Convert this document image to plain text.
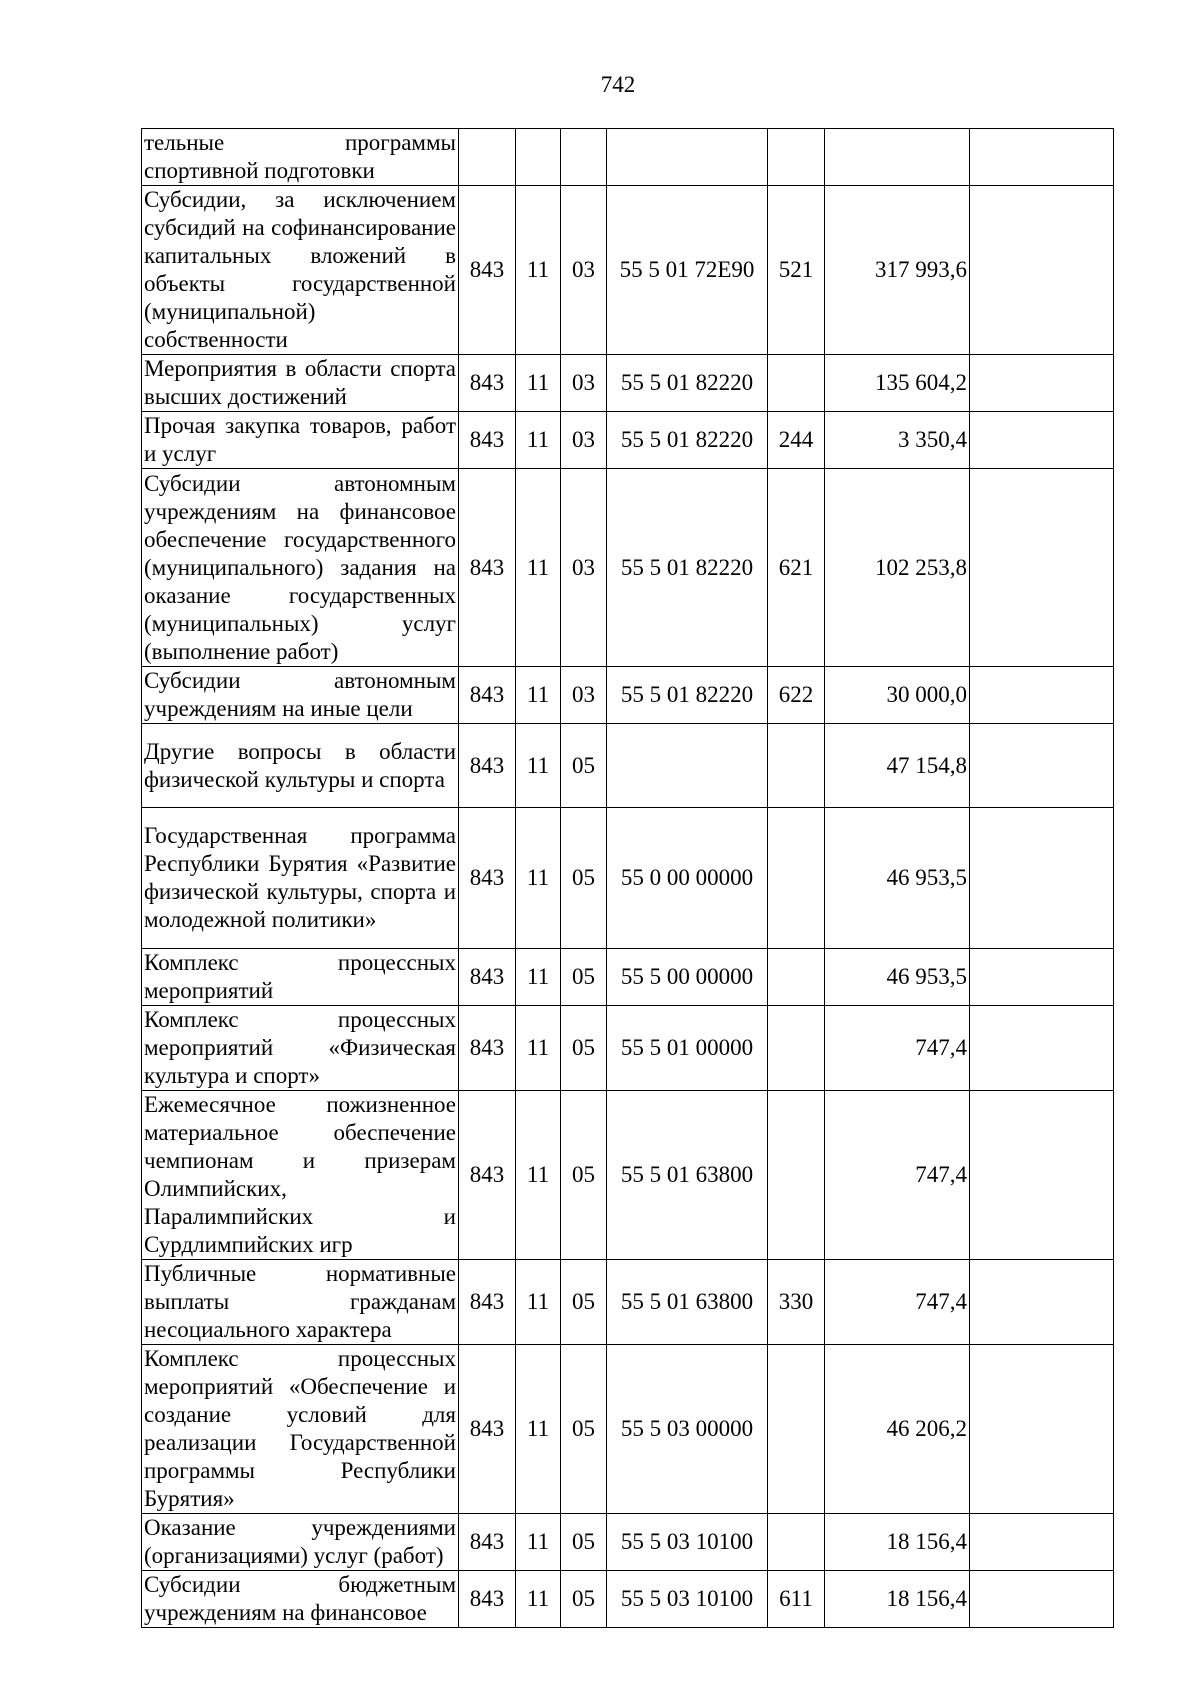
742
тельные программы спортивной подготовки							
Субсидии, за исключением субсидий на софинансирование капитальных вложений в объекты государственной (муниципальной) собственности	843	11	03	55 5 01 72Е90	521	317 993,6	
Мероприятия в области спорта высших достижений	843	11	03	55 5 01 82220		135 604,2	
Прочая закупка товаров, работ и услуг	843	11	03	55 5 01 82220	244	3 350,4	
Субсидии автономным учреждениям на финансовое обеспечение государственного (муниципального) задания на оказание государственных (муниципальных) услуг (выполнение работ)	843	11	03	55 5 01 82220	621	102 253,8	
Субсидии автономным учреждениям на иные цели	843	11	03	55 5 01 82220	622	30 000,0	
Другие вопросы в области физической культуры и спорта	843	11	05			47 154,8	
Государственная программа Республики Бурятия «Развитие физической культуры, спорта и молодежной политики»	843	11	05	55 0 00 00000		46 953,5	
Комплекс процессных мероприятий	843	11	05	55 5 00 00000		46 953,5	
Комплекс процессных мероприятий «Физическая культура и спорт»	843	11	05	55 5 01 00000		747,4	
Ежемесячное пожизненное материальное обеспечение чемпионам и призерам Олимпийских, Паралимпийских и Сурдлимпийских игр	843	11	05	55 5 01 63800		747,4	
Публичные нормативные выплаты гражданам несоциального характера	843	11	05	55 5 01 63800	330	747,4	
Комплекс процессных мероприятий «Обеспечение и создание условий для реализации Государственной программы Республики Бурятия»	843	11	05	55 5 03 00000		46 206,2	
Оказание учреждениями (организациями) услуг (работ)	843	11	05	55 5 03 10100		18 156,4	
Субсидии бюджетным учреждениям на финансовое	843	11	05	55 5 03 10100	611	18 156,4	
